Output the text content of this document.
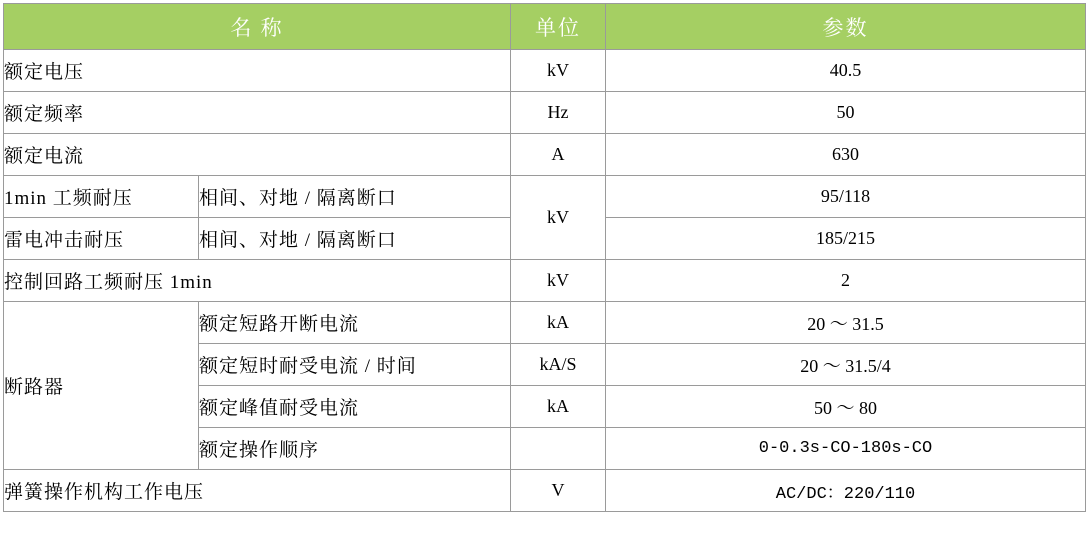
名 称		单位	参数
额定电压		kV	40.5
额定频率		Hz	50
额定电流		A	630
1min 工频耐压	相间、对地 / 隔离断口	kV	95/118
雷电冲击耐压	相间、对地 / 隔离断口		185/215
控制回路工频耐压 1min		kV	2
断路器	额定短路开断电流	kA	20 ～ 31.5
	额定短时耐受电流 / 时间	kA/S	20 ～ 31.5/4
	额定峰值耐受电流	kA	50 ～ 80
	额定操作顺序		0-0.3s-CO-180s-CO
弹簧操作机构工作电压		V	AC/DC：220/110
